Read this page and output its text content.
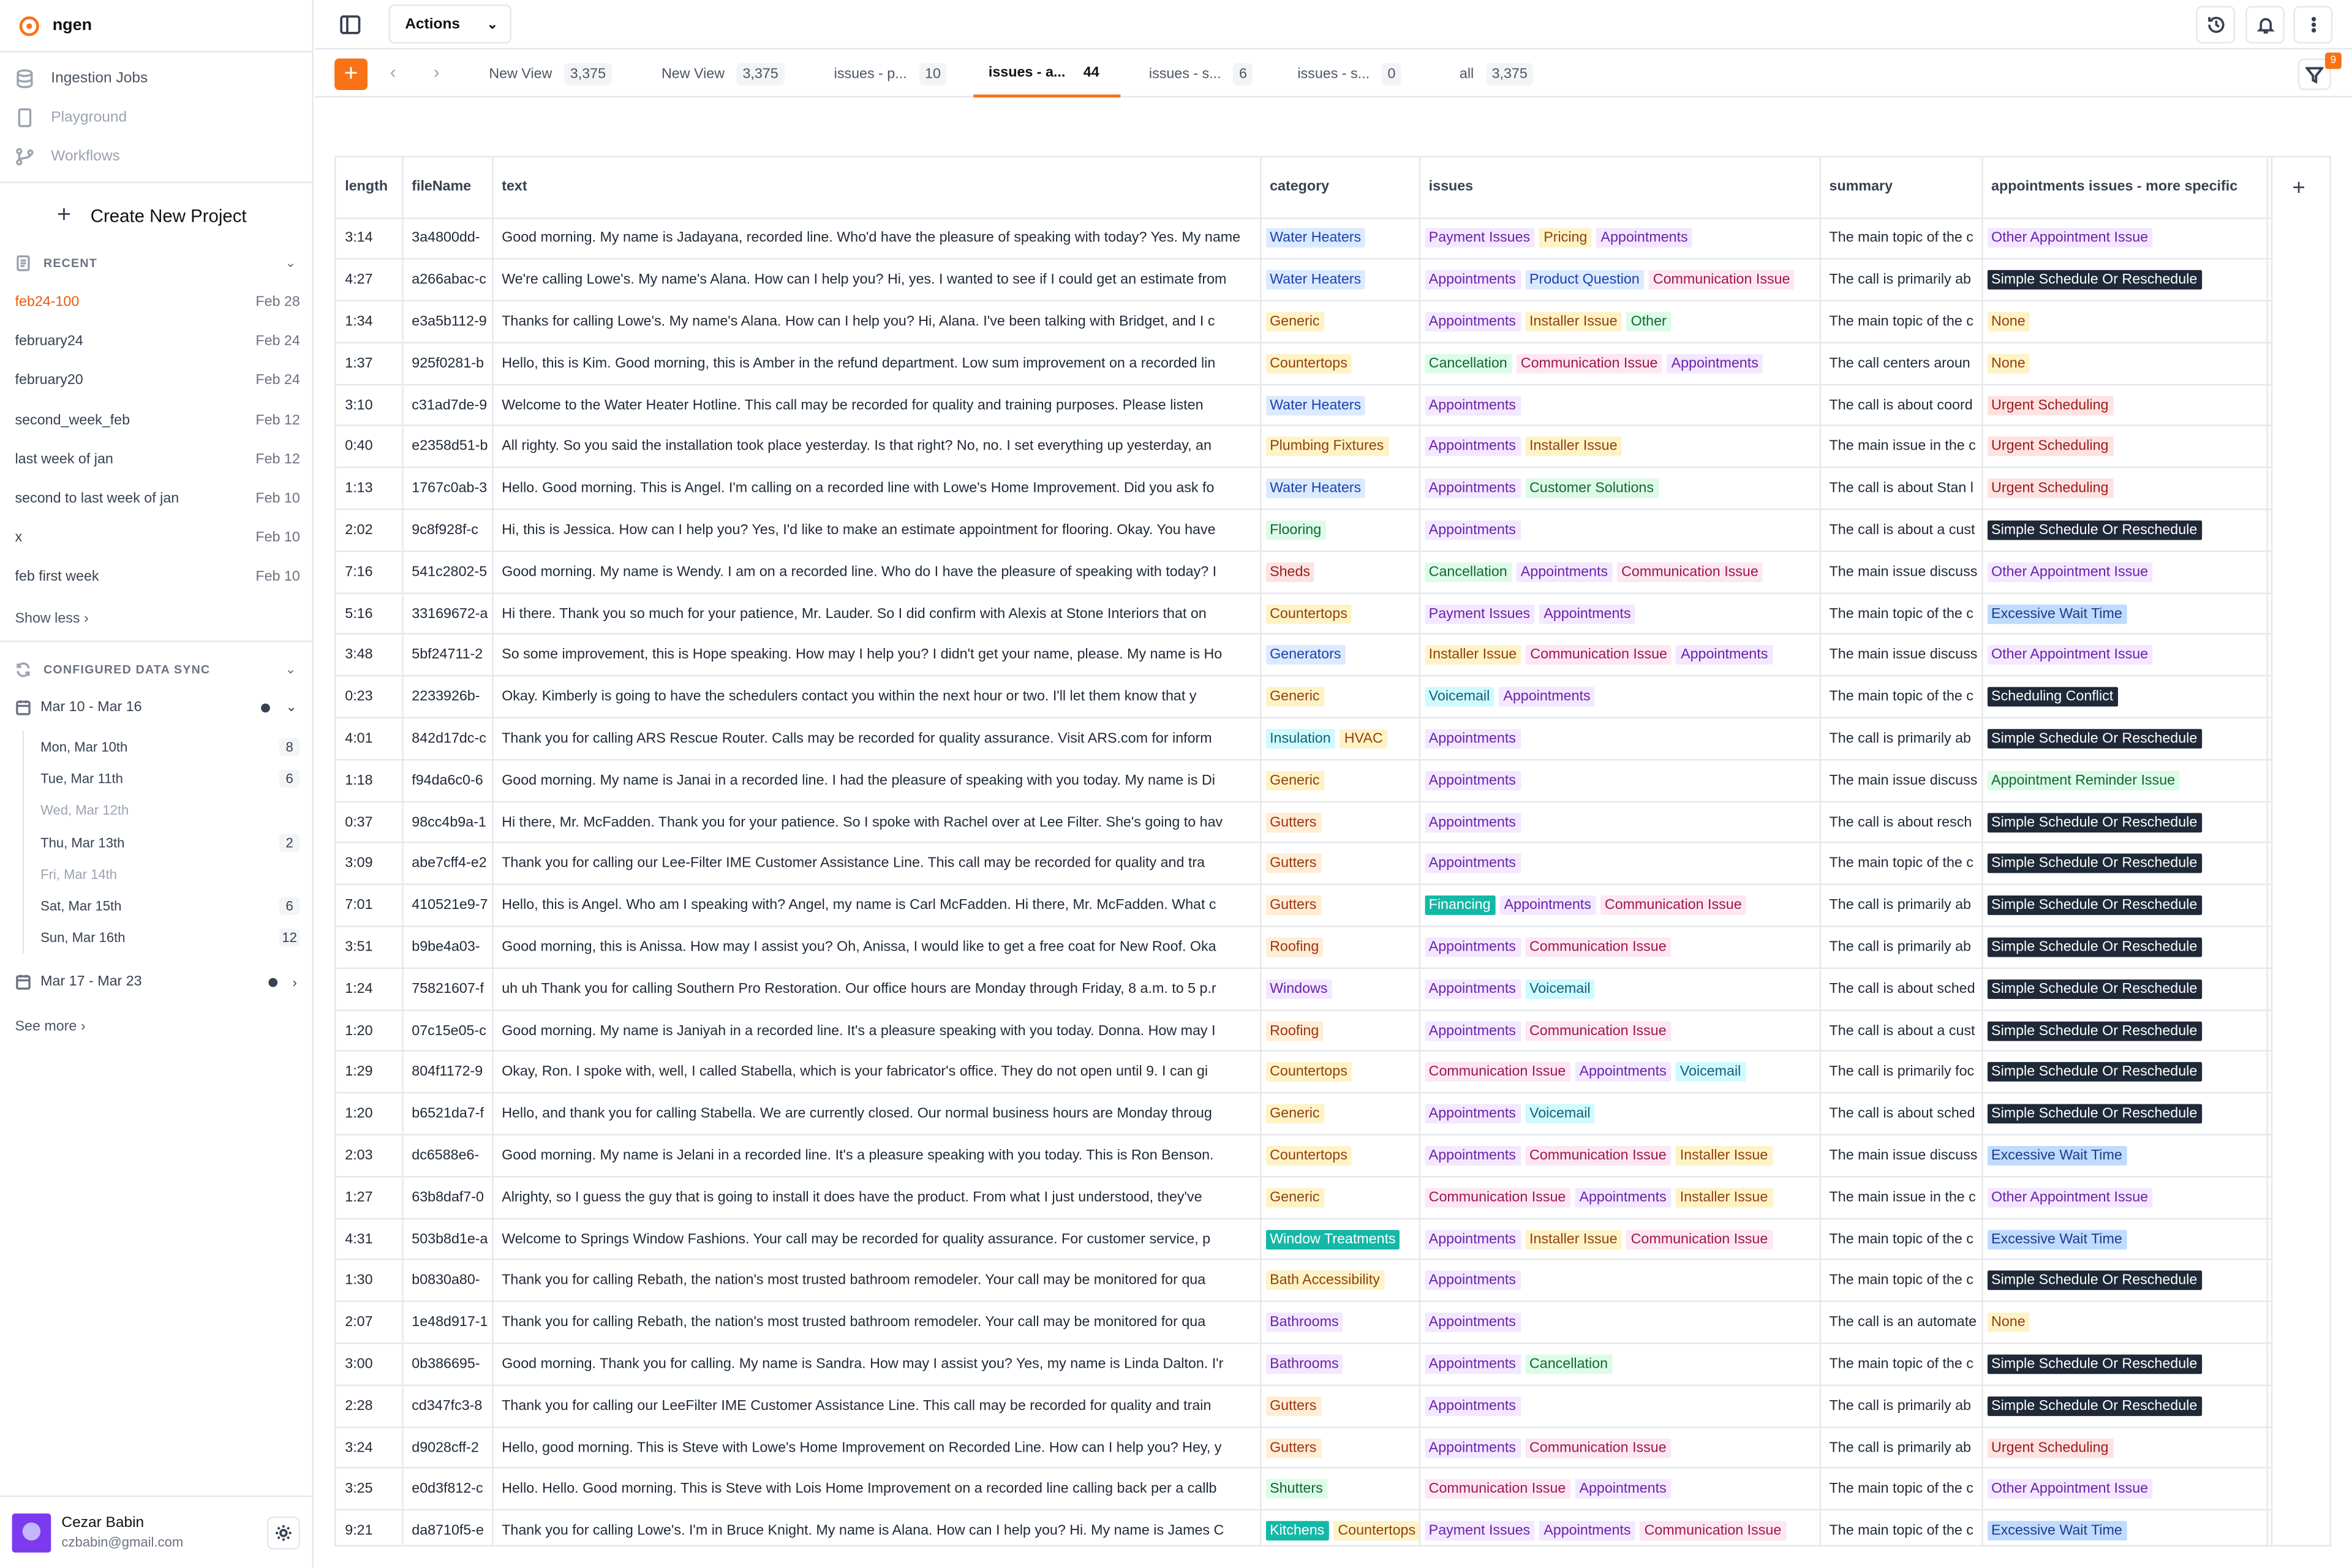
ngen
Ingestion Jobs
Playground
Workflows
+	Create New Project
RECENT	⌄
feb24-100	Feb 28
february24	Feb 24
february20	Feb 24
second_week_feb	Feb 12
last week of jan	Feb 12
second to last week of jan	Feb 10
x	Feb 10
feb first week	Feb 10
Show less ›
CONFIGURED DATA SYNC	⌄
Mar 10 - Mar 16	⌄
Mon, Mar 10th	8
Tue, Mar 11th	6
Wed, Mar 12th
Thu, Mar 13th	2
Fri, Mar 14th
Sat, Mar 15th	6
Sun, Mar 16th	12
Mar 17 - Mar 23	›
See more ›
Cezar Babin
czbabin@gmail.com
Actions	⌄
+	‹	›	New View	3,375	New View	3,375	issues - p...	10	issues - a...	44	issues - s...	6	issues - s...	0	all	3,375
9
length	fileName	text	category	issues	summary	appointments issues - more specific
3:14	3a4800dd-	Good morning. My name is Jadayana, recorded line. Who'd have the pleasure of speaking with today? Yes. My name	Water Heaters	Payment Issues Pricing Appointments	The main topic of the c	Other Appointment Issue
4:27	a266abac-c	We're calling Lowe's. My name's Alana. How can I help you? Hi, yes. I wanted to see if I could get an estimate from	Water Heaters	Appointments Product Question Communication Issue	The call is primarily ab	Simple Schedule Or Reschedule
1:34	e3a5b112-9	Thanks for calling Lowe's. My name's Alana. How can I help you? Hi, Alana. I've been talking with Bridget, and I c	Generic	Appointments Installer Issue Other	The main topic of the c	None
1:37	925f0281-b	Hello, this is Kim. Good morning, this is Amber in the refund department. Low sum improvement on a recorded lin	Countertops	Cancellation Communication Issue Appointments	The call centers aroun	None
3:10	c31ad7de-9	Welcome to the Water Heater Hotline. This call may be recorded for quality and training purposes. Please listen	Water Heaters	Appointments	The call is about coord	Urgent Scheduling
0:40	e2358d51-b	All righty. So you said the installation took place yesterday. Is that right? No, no. I set everything up yesterday, an	Plumbing Fixtures	Appointments Installer Issue	The main issue in the c	Urgent Scheduling
1:13	1767c0ab-3	Hello. Good morning. This is Angel. I'm calling on a recorded line with Lowe's Home Improvement. Did you ask fo	Water Heaters	Appointments Customer Solutions	The call is about Stan l	Urgent Scheduling
2:02	9c8f928f-c	Hi, this is Jessica. How can I help you? Yes, I'd like to make an estimate appointment for flooring. Okay. You have	Flooring	Appointments	The call is about a cust	Simple Schedule Or Reschedule
7:16	541c2802-5	Good morning. My name is Wendy. I am on a recorded line. Who do I have the pleasure of speaking with today? I	Sheds	Cancellation Appointments Communication Issue	The main issue discuss	Other Appointment Issue
5:16	33169672-a	Hi there. Thank you so much for your patience, Mr. Lauder. So I did confirm with Alexis at Stone Interiors that on	Countertops	Payment Issues Appointments	The main topic of the c	Excessive Wait Time
3:48	5bf24711-2	So some improvement, this is Hope speaking. How may I help you? I didn't get your name, please. My name is Ho	Generators	Installer Issue Communication Issue Appointments	The main issue discuss	Other Appointment Issue
0:23	2233926b-	Okay. Kimberly is going to have the schedulers contact you within the next hour or two. I'll let them know that y	Generic	Voicemail Appointments	The main topic of the c	Scheduling Conflict
4:01	842d17dc-c	Thank you for calling ARS Rescue Router. Calls may be recorded for quality assurance. Visit ARS.com for inform	Insulation HVAC	Appointments	The call is primarily ab	Simple Schedule Or Reschedule
1:18	f94da6c0-6	Good morning. My name is Janai in a recorded line. I had the pleasure of speaking with you today. My name is Di	Generic	Appointments	The main issue discuss	Appointment Reminder Issue
0:37	98cc4b9a-1	Hi there, Mr. McFadden. Thank you for your patience. So I spoke with Rachel over at Lee Filter. She's going to hav	Gutters	Appointments	The call is about resch	Simple Schedule Or Reschedule
3:09	abe7cff4-e2	Thank you for calling our Lee-Filter IME Customer Assistance Line. This call may be recorded for quality and tra	Gutters	Appointments	The main topic of the c	Simple Schedule Or Reschedule
7:01	410521e9-7	Hello, this is Angel. Who am I speaking with? Angel, my name is Carl McFadden. Hi there, Mr. McFadden. What c	Gutters	Financing Appointments Communication Issue	The call is primarily ab	Simple Schedule Or Reschedule
3:51	b9be4a03-	Good morning, this is Anissa. How may I assist you? Oh, Anissa, I would like to get a free coat for New Roof. Oka	Roofing	Appointments Communication Issue	The call is primarily ab	Simple Schedule Or Reschedule
1:24	75821607-f	uh uh Thank you for calling Southern Pro Restoration. Our office hours are Monday through Friday, 8 a.m. to 5 p.r	Windows	Appointments Voicemail	The call is about sched	Simple Schedule Or Reschedule
1:20	07c15e05-c	Good morning. My name is Janiyah in a recorded line. It's a pleasure speaking with you today. Donna. How may I	Roofing	Appointments Communication Issue	The call is about a cust	Simple Schedule Or Reschedule
1:29	804f1172-9	Okay, Ron. I spoke with, well, I called Stabella, which is your fabricator's office. They do not open until 9. I can gi	Countertops	Communication Issue Appointments Voicemail	The call is primarily foc	Simple Schedule Or Reschedule
1:20	b6521da7-f	Hello, and thank you for calling Stabella. We are currently closed. Our normal business hours are Monday throug	Generic	Appointments Voicemail	The call is about sched	Simple Schedule Or Reschedule
2:03	dc6588e6-	Good morning. My name is Jelani in a recorded line. It's a pleasure speaking with you today. This is Ron Benson.	Countertops	Appointments Communication Issue Installer Issue	The main issue discuss	Excessive Wait Time
1:27	63b8daf7-0	Alrighty, so I guess the guy that is going to install it does have the product. From what I just understood, they've	Generic	Communication Issue Appointments Installer Issue	The main issue in the c	Other Appointment Issue
4:31	503b8d1e-a	Welcome to Springs Window Fashions. Your call may be recorded for quality assurance. For customer service, p	Window Treatments	Appointments Installer Issue Communication Issue	The main topic of the c	Excessive Wait Time
1:30	b0830a80-	Thank you for calling Rebath, the nation's most trusted bathroom remodeler. Your call may be monitored for qua	Bath Accessibility	Appointments	The main topic of the c	Simple Schedule Or Reschedule
2:07	1e48d917-1	Thank you for calling Rebath, the nation's most trusted bathroom remodeler. Your call may be monitored for qua	Bathrooms	Appointments	The call is an automate	None
3:00	0b386695-	Good morning. Thank you for calling. My name is Sandra. How may I assist you? Yes, my name is Linda Dalton. I'r	Bathrooms	Appointments Cancellation	The main topic of the c	Simple Schedule Or Reschedule
2:28	cd347fc3-8	Thank you for calling our LeeFilter IME Customer Assistance Line. This call may be recorded for quality and train	Gutters	Appointments	The call is primarily ab	Simple Schedule Or Reschedule
3:24	d9028cff-2	Hello, good morning. This is Steve with Lowe's Home Improvement on Recorded Line. How can I help you? Hey, y	Gutters	Appointments Communication Issue	The call is primarily ab	Urgent Scheduling
3:25	e0d3f812-c	Hello. Hello. Good morning. This is Steve with Lois Home Improvement on a recorded line calling back per a callb	Shutters	Communication Issue Appointments	The main topic of the c	Other Appointment Issue
9:21	da8710f5-e	Thank you for calling Lowe's. I'm in Bruce Knight. My name is Alana. How can I help you? Hi. My name is James C	Kitchens Countertops	Payment Issues Appointments Communication Issue	The main topic of the c	Excessive Wait Time
+
